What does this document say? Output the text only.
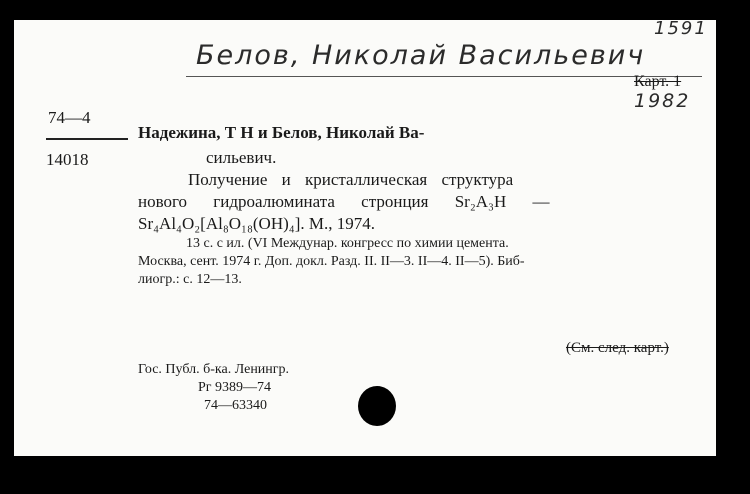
1591
Белов, Николай Васильевич
Карт. 1
1982
74—4
14018
Надежина, Т Н и Белов, Николай Ва-
сильевич.
Получение и кристаллическая структура
нового гидроалюмината стронция Sr₂A₃H —
Sr₄Al₄O₂[Al₈O₁₈(OH)₄]. М., 1974.
13 с. с ил. (VI Междунар. конгресс по химии цемента.
Москва, сент. 1974 г. Доп. докл. Разд. II. II—3. II—4. II—5). Биб-
лиогр.: с. 12—13.
(См. след. карт.)
Гос. Публ. б-ка. Ленингр.
Рг 9389—74
74—63340
